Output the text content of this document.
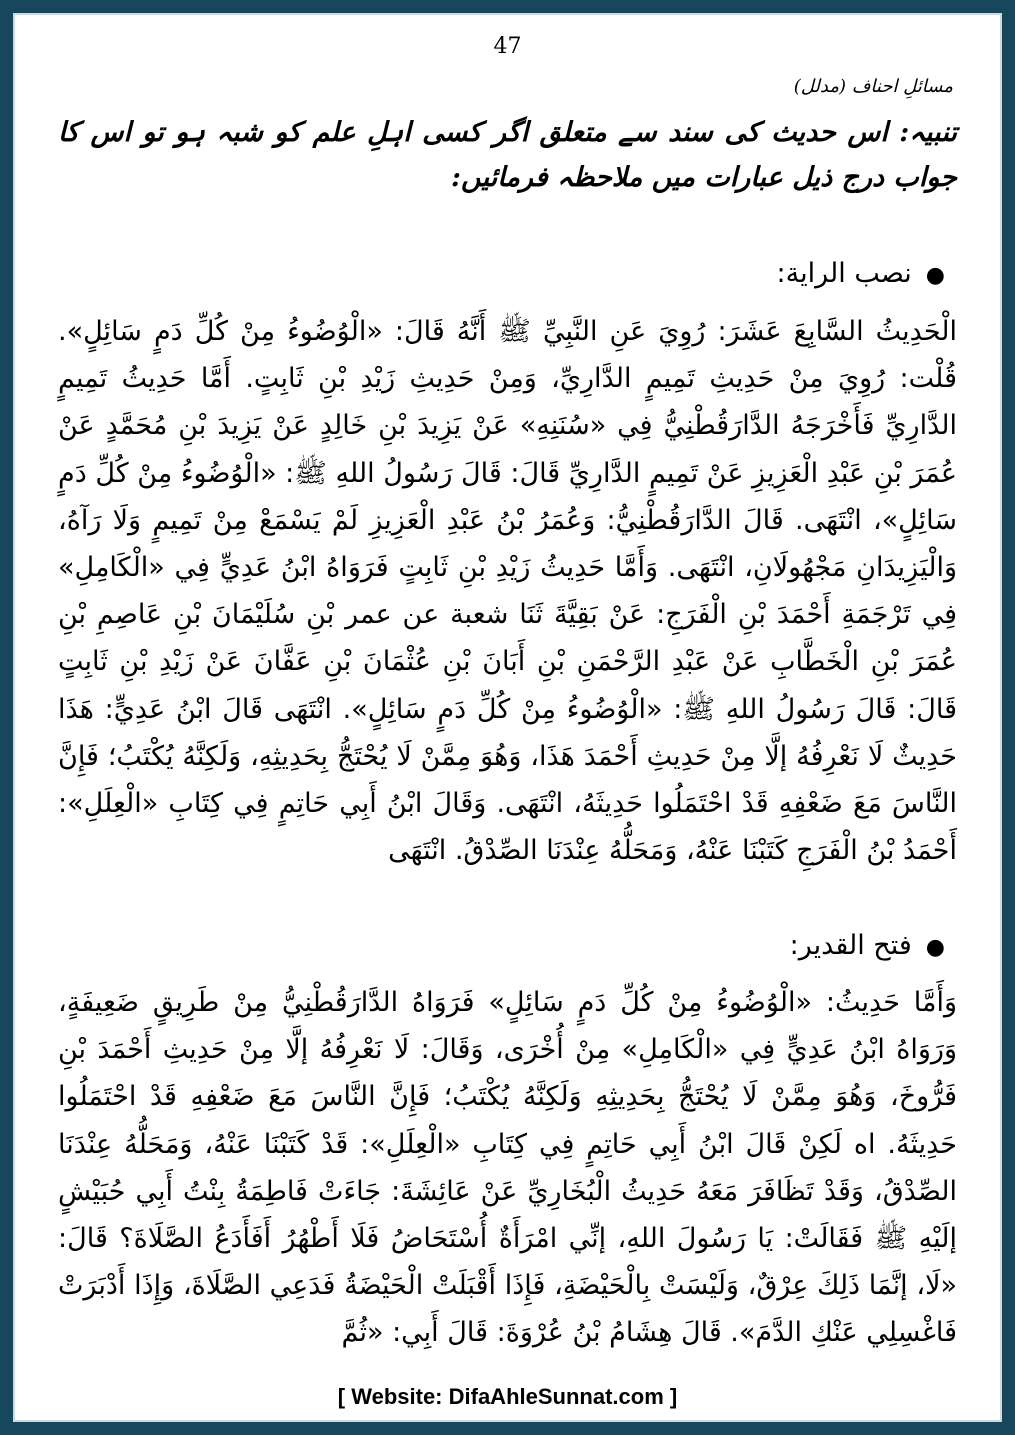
47
مسائلِ احناف (مدلل)
تنبیہ: اس حدیث کی سند سے متعلق اگر کسی اہلِ علم کو شبہ ہو تو اس کا جواب درج ذیل عبارات میں ملاحظہ فرمائیں:
●نصب الراية:
الْحَدِيثُ السَّابِعَ عَشَرَ: رُوِيَ عَنِ النَّبِيِّ ﷺ أَنَّهُ قَالَ: «الْوُضُوءُ مِنْ كُلِّ دَمٍ سَائِلٍ». قُلْت: رُوِيَ مِنْ حَدِيثِ تَمِيمٍ الدَّارِيِّ، وَمِنْ حَدِيثِ زَيْدِ بْنِ ثَابِتٍ. أَمَّا حَدِيثُ تَمِيمٍ الدَّارِيِّ فَأَخْرَجَهُ الدَّارَقُطْنِيُّ فِي «سُنَنِهِ» عَنْ يَزِيدَ بْنِ خَالِدٍ عَنْ يَزِيدَ بْنِ مُحَمَّدٍ عَنْ عُمَرَ بْنِ عَبْدِ الْعَزِيزِ عَنْ تَمِيمٍ الدَّارِيِّ قَالَ: قَالَ رَسُولُ اللهِ ﷺ: «الْوُضُوءُ مِنْ كُلِّ دَمٍ سَائِلٍ»، انْتَهَى. قَالَ الدَّارَقُطْنِيُّ: وَعُمَرُ بْنُ عَبْدِ الْعَزِيزِ لَمْ يَسْمَعْ مِنْ تَمِيمٍ وَلَا رَآهُ، وَالْيَزِيدَانِ مَجْهُولَانِ، انْتَهَى. وَأَمَّا حَدِيثُ زَيْدِ بْنِ ثَابِتٍ فَرَوَاهُ ابْنُ عَدِيٍّ فِي «الْكَامِلِ» فِي تَرْجَمَةِ أَحْمَدَ بْنِ الْفَرَجِ: عَنْ بَقِيَّةَ ثَنَا شعبة عن عمر بْنِ سُلَيْمَانَ بْنِ عَاصِمِ بْنِ عُمَرَ بْنِ الْخَطَّابِ عَنْ عَبْدِ الرَّحْمَنِ بْنِ أَبَانَ بْنِ عُثْمَانَ بْنِ عَفَّانَ عَنْ زَيْدِ بْنِ ثَابِتٍ قَالَ: قَالَ رَسُولُ اللهِ ﷺ: «الْوُضُوءُ مِنْ كُلِّ دَمٍ سَائِلٍ». انْتَهَى قَالَ ابْنُ عَدِيٍّ: هَذَا حَدِيثٌ لَا نَعْرِفُهُ إلَّا مِنْ حَدِيثِ أَحْمَدَ هَذَا، وَهُوَ مِمَّنْ لَا يُحْتَجُّ بِحَدِيثِهِ، وَلَكِنَّهُ يُكْتَبُ؛ فَإِنَّ النَّاسَ مَعَ ضَعْفِهِ قَدْ احْتَمَلُوا حَدِيثَهُ، انْتَهَى. وَقَالَ ابْنُ أَبِي حَاتِمٍ فِي كِتَابِ «الْعِلَلِ»: أَحْمَدُ بْنُ الْفَرَجِ كَتَبْنَا عَنْهُ، وَمَحَلُّهُ عِنْدَنَا الصِّدْقُ. انْتَهَى
●فتح القدير:
وَأَمَّا حَدِيثُ: «الْوُضُوءُ مِنْ كُلِّ دَمٍ سَائِلٍ» فَرَوَاهُ الدَّارَقُطْنِيُّ مِنْ طَرِيقٍ ضَعِيفَةٍ، وَرَوَاهُ ابْنُ عَدِيٍّ فِي «الْكَامِلِ» مِنْ أُخْرَى، وَقَالَ: لَا نَعْرِفُهُ إلَّا مِنْ حَدِيثِ أَحْمَدَ بْنِ فَرُّوخَ، وَهُوَ مِمَّنْ لَا يُحْتَجُّ بِحَدِيثِهِ وَلَكِنَّهُ يُكْتَبُ؛ فَإِنَّ النَّاسَ مَعَ ضَعْفِهِ قَدْ احْتَمَلُوا حَدِيثَهُ. اه لَكِنْ قَالَ ابْنُ أَبِي حَاتِمٍ فِي كِتَابِ «الْعِلَلِ»: قَدْ كَتَبْنَا عَنْهُ، وَمَحَلُّهُ عِنْدَنَا الصِّدْقُ، وَقَدْ تَظَافَرَ مَعَهُ حَدِيثُ الْبُخَارِيِّ عَنْ عَائِشَةَ: جَاءَتْ فَاطِمَةُ بِنْتُ أَبِي حُبَيْشٍ إلَيْهِ ﷺ فَقَالَتْ: يَا رَسُولَ اللهِ، إنِّي امْرَأَةٌ أُسْتَحَاضُ فَلَا أَطْهُرُ أَفَأَدَعُ الصَّلَاةَ؟ قَالَ: «لَا، إنَّمَا ذَلِكَ عِرْقٌ، وَلَيْسَتْ بِالْحَيْضَةِ، فَإِذَا أَقْبَلَتْ الْحَيْضَةُ فَدَعِي الصَّلَاةَ، وَإِذَا أَدْبَرَتْ فَاغْسِلِي عَنْكِ الدَّمَ». قَالَ هِشَامُ بْنُ عُرْوَةَ: قَالَ أَبِي: «ثُمَّ
[ Website: DifaAhleSunnat.com ]
